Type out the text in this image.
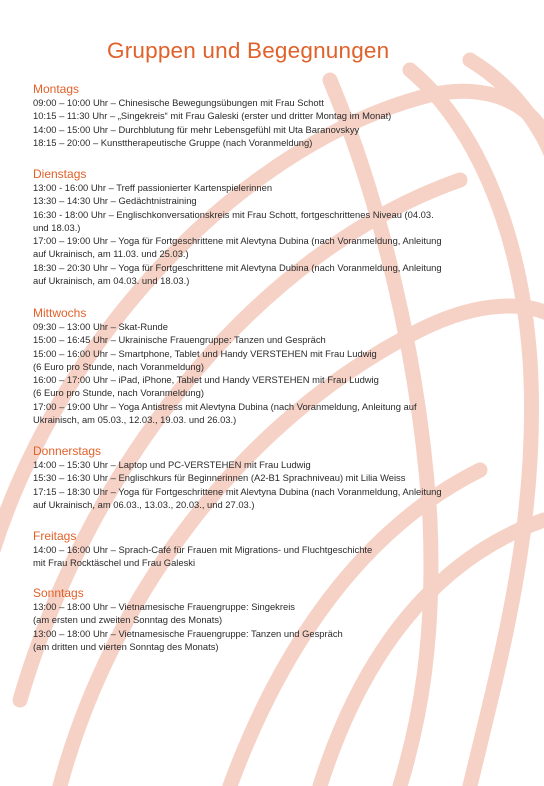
Gruppen und Begegnungen
Montags
09:00 – 10:00 Uhr – Chinesische Bewegungsübungen mit Frau Schott
10:15 – 11:30 Uhr – „Singekreis“ mit Frau Galeski (erster und dritter Montag im Monat)
14:00 – 15:00 Uhr – Durchblutung für mehr Lebensgefühl mit Uta Baranovskyy
18:15 – 20:00 – Kunsttherapeutische Gruppe (nach Voranmeldung)
Dienstags
13:00 - 16:00 Uhr – Treff passionierter Kartenspielerinnen
13:30 – 14:30 Uhr – Gedächtnistraining
16:30 - 18:00 Uhr – Englischkonversationskreis mit Frau Schott, fortgeschrittenes Niveau (04.03.
und 18.03.)
17:00 – 19:00 Uhr – Yoga für Fortgeschrittene mit Alevtyna Dubina (nach Voranmeldung, Anleitung
auf Ukrainisch, am 11.03. und 25.03.)
18:30 – 20:30 Uhr – Yoga für Fortgeschrittene mit Alevtyna Dubina (nach Voranmeldung, Anleitung
auf Ukrainisch, am 04.03. und 18.03.)
Mittwochs
09:30 – 13:00 Uhr – Skat-Runde
15:00 – 16:45 Uhr – Ukrainische Frauengruppe: Tanzen und Gespräch
15:00 – 16:00 Uhr – Smartphone, Tablet und Handy VERSTEHEN mit Frau Ludwig
(6 Euro pro Stunde, nach Voranmeldung)
16:00 – 17:00 Uhr – iPad, iPhone, Tablet und Handy VERSTEHEN mit Frau Ludwig
(6 Euro pro Stunde, nach Voranmeldung)
17:00 – 19:00 Uhr – Yoga Antistress mit Alevtyna Dubina (nach Voranmeldung, Anleitung auf
Ukrainisch, am 05.03., 12.03., 19.03. und 26.03.)
Donnerstags
14:00 – 15:30 Uhr – Laptop und PC-VERSTEHEN mit Frau Ludwig
15:30 – 16:30 Uhr – Englischkurs für Beginnerinnen (A2-B1 Sprachniveau) mit Lilia Weiss
17:15 – 18:30 Uhr – Yoga für Fortgeschrittene mit Alevtyna Dubina (nach Voranmeldung, Anleitung
auf Ukrainisch, am 06.03., 13.03., 20.03., und 27.03.)
Freitags
14:00 – 16:00 Uhr – Sprach-Café für Frauen mit Migrations- und Fluchtgeschichte
mit Frau Rocktäschel und Frau Galeski
Sonntags
13:00 – 18:00 Uhr – Vietnamesische Frauengruppe: Singekreis
(am ersten und zweiten Sonntag des Monats)
13:00 – 18:00 Uhr – Vietnamesische Frauengruppe: Tanzen und Gespräch
(am dritten und vierten Sonntag des Monats)
